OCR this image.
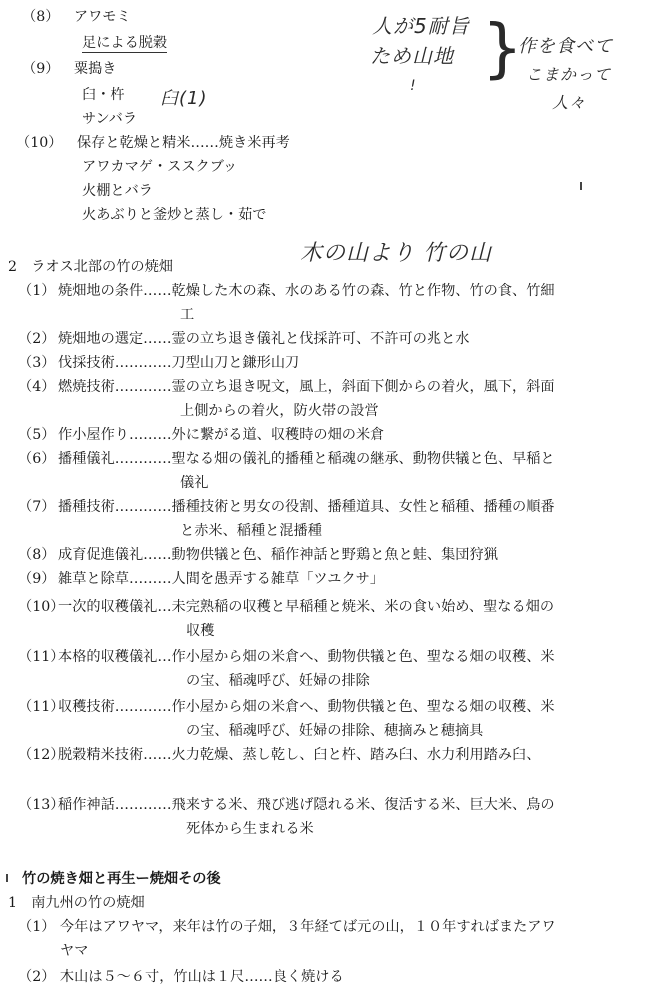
（8） アワモミ
足による脱穀
（9） 粟搗き
臼・杵
サンバラ
（10） 保存と乾燥と精米……焼き米再考
アワカマゲ・ススクブッ
火棚とバラ
火あぶりと釜炒と蒸し・茹で
人が5耐旨
ため山地
! }
作を食べて
こまかって
人々
臼(1)
木の山より 竹の山
2　ラオス北部の竹の焼畑
（1） 焼畑地の条件……乾燥した木の森、水のある竹の森、竹と作物、竹の食、竹細
工
（2） 焼畑地の選定……霊の立ち退き儀礼と伐採許可、不許可の兆と水
（3） 伐採技術…………刀型山刀と鎌形山刀
（4） 燃焼技術…………霊の立ち退き呪文，風上，斜面下側からの着火，風下，斜面
上側からの着火，防火帯の設営
（5） 作小屋作り………外に繋がる道、収穫時の畑の米倉
（6） 播種儀礼…………聖なる畑の儀礼的播種と稲魂の継承、動物供犠と色、早稲と
儀礼
（7） 播種技術…………播種技術と男女の役割、播種道具、女性と稲種、播種の順番
と赤米、稲種と混播種
（8） 成育促進儀礼……動物供犠と色、稲作神話と野鶏と魚と蛙、集団狩猟
（9） 雑草と除草………人間を愚弄する雑草「ツユクサ」
（10）一次的収穫儀礼…未完熟稲の収穫と早稲種と焼米、米の食い始め、聖なる畑の
収穫
（11）本格的収穫儀礼…作小屋から畑の米倉へ、動物供犠と色、聖なる畑の収穫、米
の宝、稲魂呼び、妊婦の排除
（11）収穫技術…………作小屋から畑の米倉へ、動物供犠と色、聖なる畑の収穫、米
の宝、稲魂呼び、妊婦の排除、穂摘みと穂摘具
（12）脱穀精米技術……火力乾燥、蒸し乾し、臼と杵、踏み臼、水力利用踏み臼、
（13）稲作神話…………飛来する米、飛び逃げ隠れる米、復活する米、巨大米、鳥の
死体から生まれる米
竹の焼き畑と再生ー焼畑その後
1　南九州の竹の焼畑
（1） 今年はアワヤマ，来年は竹の子畑，３年経てば元の山，１０年すればまたアワ
ヤマ
（2） 木山は５～６寸，竹山は１尺……良く焼ける
